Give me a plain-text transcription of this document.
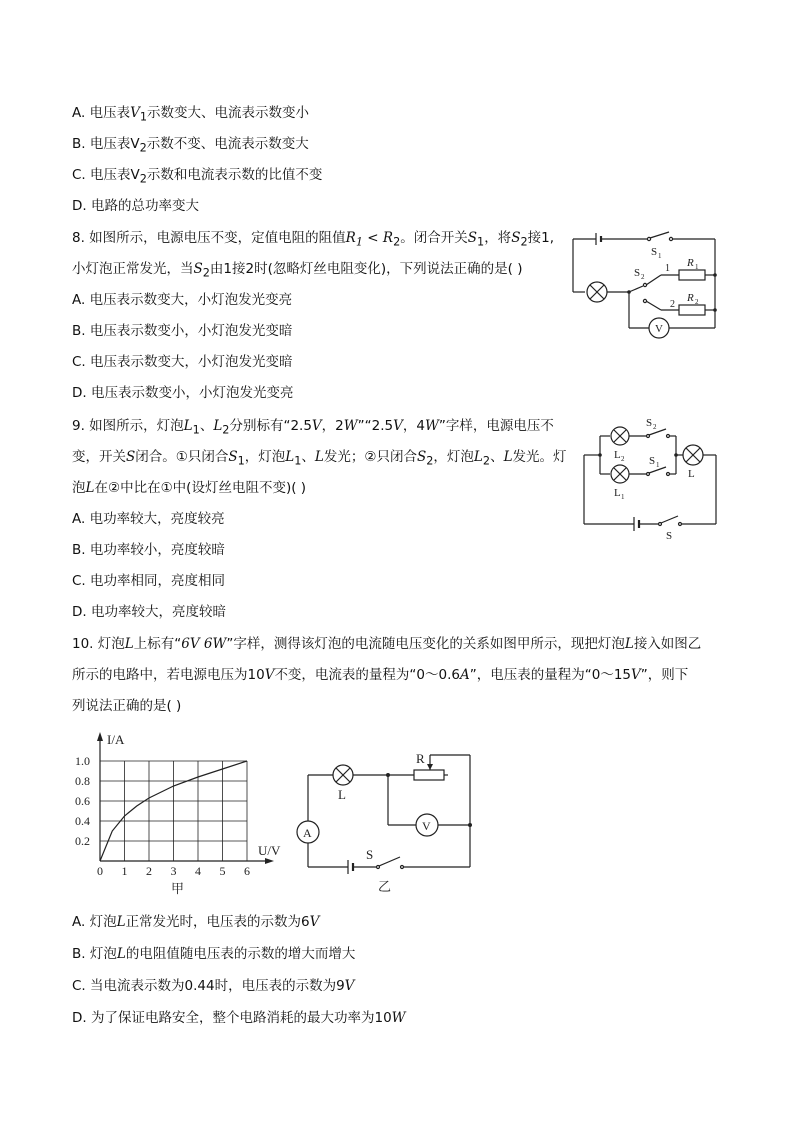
A. 电压表$V_1$示数变大、电流表示数变小
B. 电压表$V_2$示数不变、电流表示数变大
C. 电压表$V_2$示数和电流表示数的比值不变
D. 电路的总功率变大
8. 如图所示，电源电压不变，定值电阻的阻值$R_1 < R_2$。闭合开关$S_1$，将$S_2$接1,
小灯泡正常发光，当$S_2$由1接2时(忽略灯丝电阻变化)，下列说法正确的是( )
A. 电压表示数变大，小灯泡发光变亮
B. 电压表示数变小，小灯泡发光变暗
C. 电压表示数变大，小灯泡发光变暗
D. 电压表示数变小，小灯泡发光变亮
S 1
S 2
1
2
R 1
R 2
V
9. 如图所示，灯泡$L_1$、$L_2$分别标有“2.5V，2W”“2.5V，4W”字样，电源电压不
变，开关S闭合。①只闭合$S_1$，灯泡$L_1$、L发光；②只闭合$S_2$，灯泡$L_2$、L发光。灯
泡L在②中比在①中(设灯丝电阻不变)( )
A. 电功率较大，亮度较亮
B. 电功率较小，亮度较暗
C. 电功率相同，亮度相同
D. 电功率较大，亮度较暗
L 2
S 2
L 1
S 1
L
S
10. 灯泡L上标有“6V 6W”字样，测得该灯泡的电流随电压变化的关系如图甲所示，现把灯泡L接入如图乙
所示的电路中，若电源电压为10V不变，电流表的量程为“0～0.6A”，电压表的量程为“0～15V”，则下
列说法正确的是( )
1.0
0.8
0.6
0.4
0.2
0 1 2 3 4 5 6
I/A
U/V
甲
R
L
A	V
S
乙
A. 灯泡L正常发光时，电压表的示数为6V
B. 灯泡L的电阻值随电压表的示数的增大而增大
C. 当电流表示数为0.44时，电压表的示数为9V
D. 为了保证电路安全，整个电路消耗的最大功率为10W
